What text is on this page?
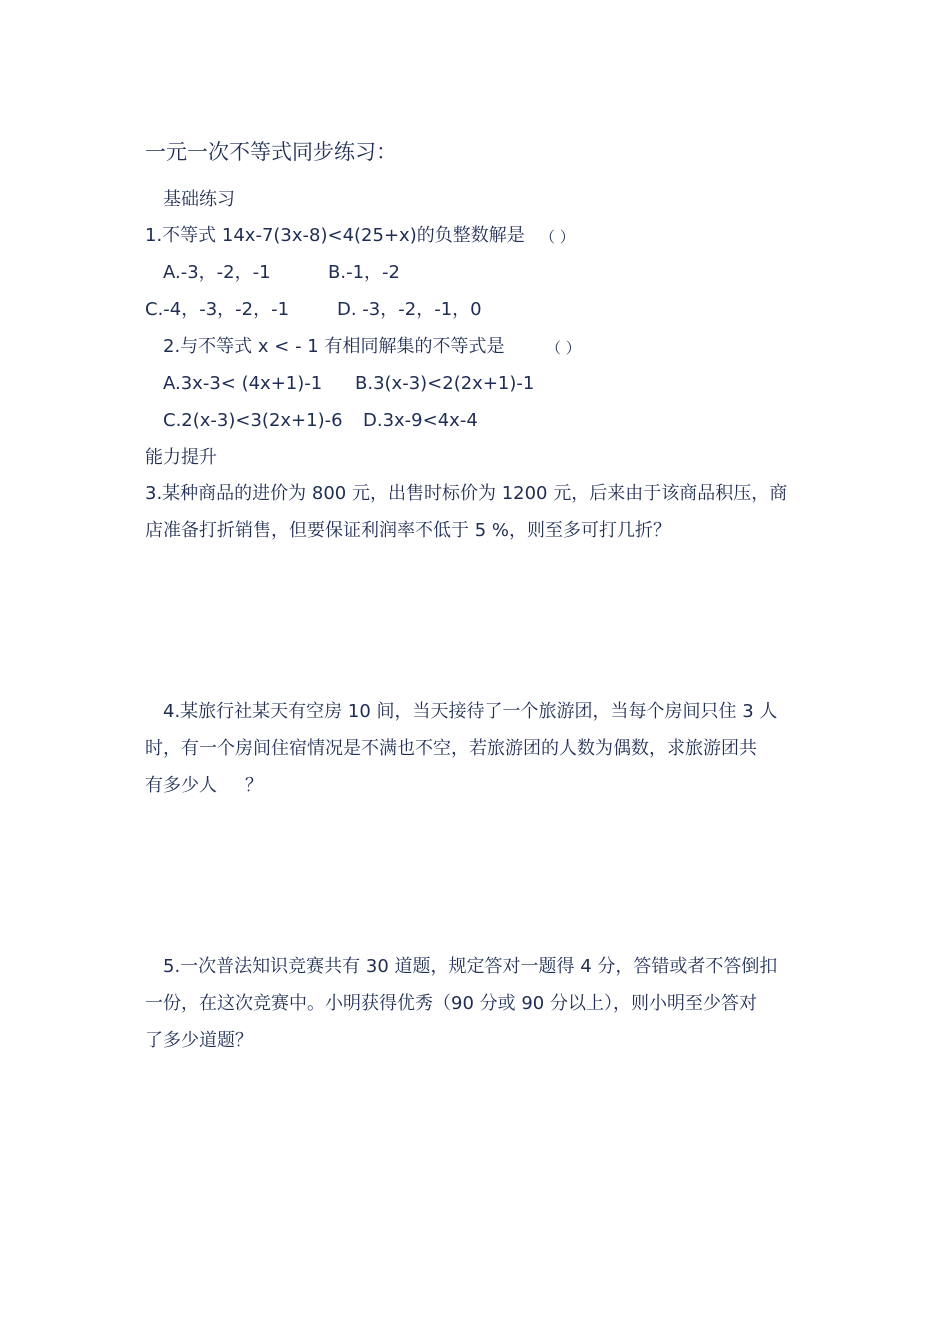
一元一次不等式同步练习：
基础练习
1.不等式 14x-7(3x-8)<4(25+x)的负整数解是 （ ）
A.-3，-2，-1	B.-1，-2
C.-4，-3，-2，-1	D. -3，-2，-1，0
2.与不等式 x < - 1 有相同解集的不等式是	（ ）
A.3x-3< (4x+1)-1 B.3(x-3)<2(2x+1)-1
C.2(x-3)<3(2x+1)-6 D.3x-9<4x-4
能力提升
3.某种商品的进价为 800 元，出售时标价为 1200 元，后来由于该商品积压，商
店准备打折销售，但要保证利润率不低于 5 %，则至多可打几折？
4.某旅行社某天有空房 10 间，当天接待了一个旅游团，当每个房间只住 3 人
时，有一个房间住宿情况是不满也不空，若旅游团的人数为偶数，求旅游团共
有多少人 ？
5.一次普法知识竞赛共有 30 道题，规定答对一题得 4 分，答错或者不答倒扣
一份，在这次竞赛中。小明获得优秀（90 分或 90 分以上），则小明至少答对
了多少道题？
